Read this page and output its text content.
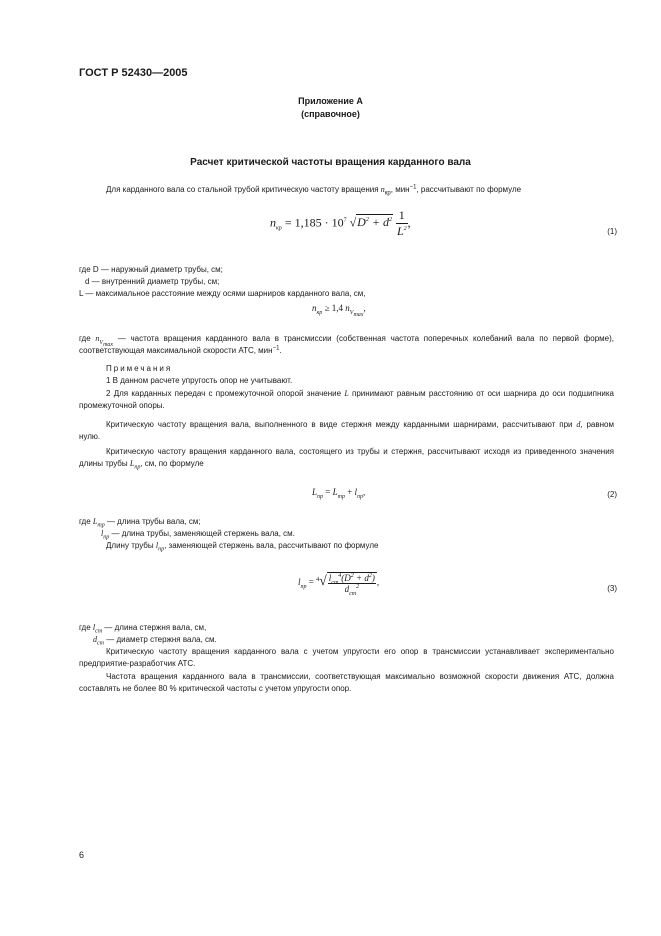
ГОСТ Р 52430—2005
Приложение А
(справочное)
Расчет критической частоты вращения карданного вала
Для карданного вала со стальной трубой критическую частоту вращения $n_{кр}$, мин$^{-1}$, рассчитывают по формуле
$n_{кр} = 1,185 \cdot 10^7$ $√D^2 + d^2 \frac{1}{L^2}$ ,
(1)
где D — наружный диаметр трубы, см;
d — внутренний диаметр трубы, см;
L — максимальное расстояние между осями шарниров карданного вала, см,
$n_{кр} \ge 1,4$ $n_{V_{max}}$,
где $n_{V_{max}}$ — частота вращения карданного вала в трансмиссии (собственная частота поперечных колебаний вала по первой форме), соответствующая максимальной скорости АТС, мин$^{-1}$.
Примечания
1 В данном расчете упругость опор не учитывают.
2 Для карданных передач с промежуточной опорой значение L принимают равным расстоянию от оси шарнира до оси подшипника промежуточной опоры.
Критическую частоту вращения вала, выполненного в виде стержня между карданными шарнирами, рассчитывают при d, равном нулю.
Критическую частоту вращения карданного вала, состоящего из трубы и стержня, рассчитывают исходя из приведенного значения длины трубы $L_{пр}$, см, по формуле
$L_{пр} = L_{тр} + l_{пр}$,	(2)
где $L_{тр}$ — длина трубы вала, см;
$l_{пр}$ — длина трубы, заменяющей стержень вала, см.
Длину трубы $l_{пр}$, заменяющей стержень вала, рассчитывают по формуле
$l_{пр} = ^4√ \frac{l_{ст}^4(D^2 + d^2)}{d_{ст}^2}$ ,
(3)
где $l_{ст}$ — длина стержня вала, см,
$d_{ст}$ — диаметр стержня вала, см.
Критическую частоту вращения карданного вала с учетом упругости его опор в трансмиссии устанавливает экспериментально предприятие-разработчик АТС.
Частота вращения карданного вала в трансмиссии, соответствующая максимально возможной скорости движения АТС, должна составлять не более 80 % критической частоты с учетом упругости опор.
6
